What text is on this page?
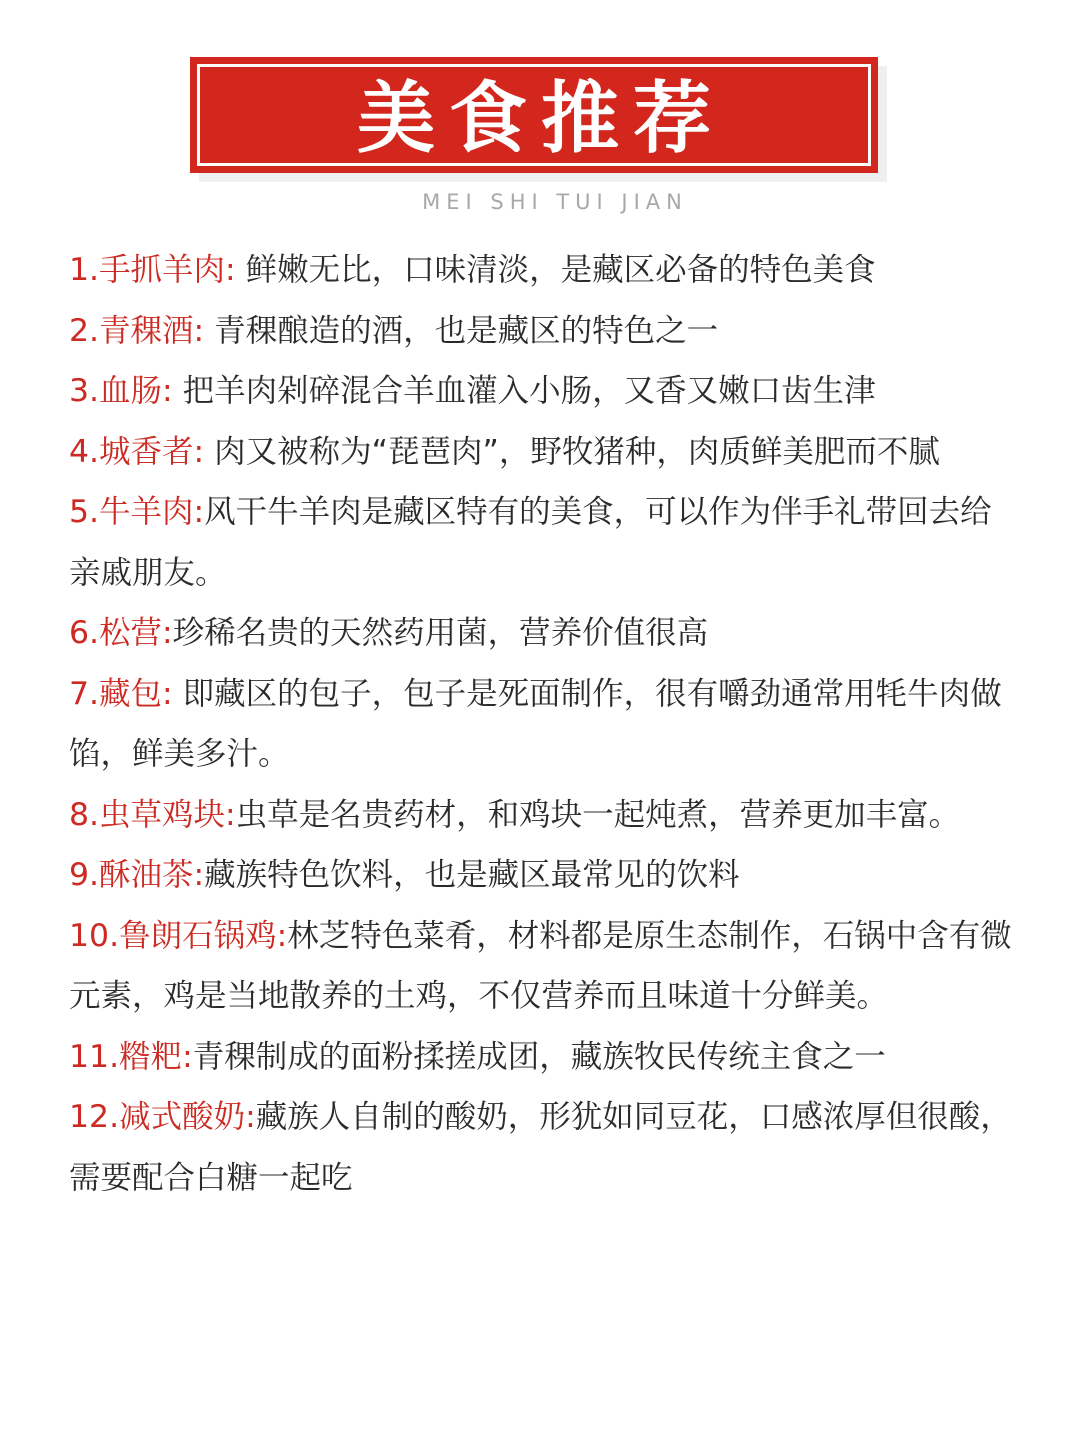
美食推荐
MEI SHI TUI JIAN

1.手抓羊肉: 鲜嫩无比，口味清淡，是藏区必备的特色美食

2.青稞酒: 青稞酿造的酒，也是藏区的特色之一

3.血肠: 把羊肉剁碎混合羊血灌入小肠，又香又嫩口齿生津

4.城香者: 肉又被称为“琵琶肉”，野牧猪种，肉质鲜美肥而不腻

5.牛羊肉:风干牛羊肉是藏区特有的美食，可以作为伴手礼带回去给亲戚朋友。

6.松营:珍稀名贵的天然药用菌，营养价值很高

7.藏包: 即藏区的包子，包子是死面制作，很有嚼劲通常用牦牛肉做馅，鲜美多汁。

8.虫草鸡块:虫草是名贵药材，和鸡块一起炖煮，营养更加丰富。

9.酥油茶:藏族特色饮料，也是藏区最常见的饮料

10.鲁朗石锅鸡:林芝特色菜肴，材料都是原生态制作，石锅中含有微元素，鸡是当地散养的土鸡，不仅营养而且味道十分鲜美。

11.糌粑:青稞制成的面粉揉搓成团，藏族牧民传统主食之一

12.减式酸奶:藏族人自制的酸奶，形犹如同豆花，口感浓厚但很酸，需要配合白糖一起吃
